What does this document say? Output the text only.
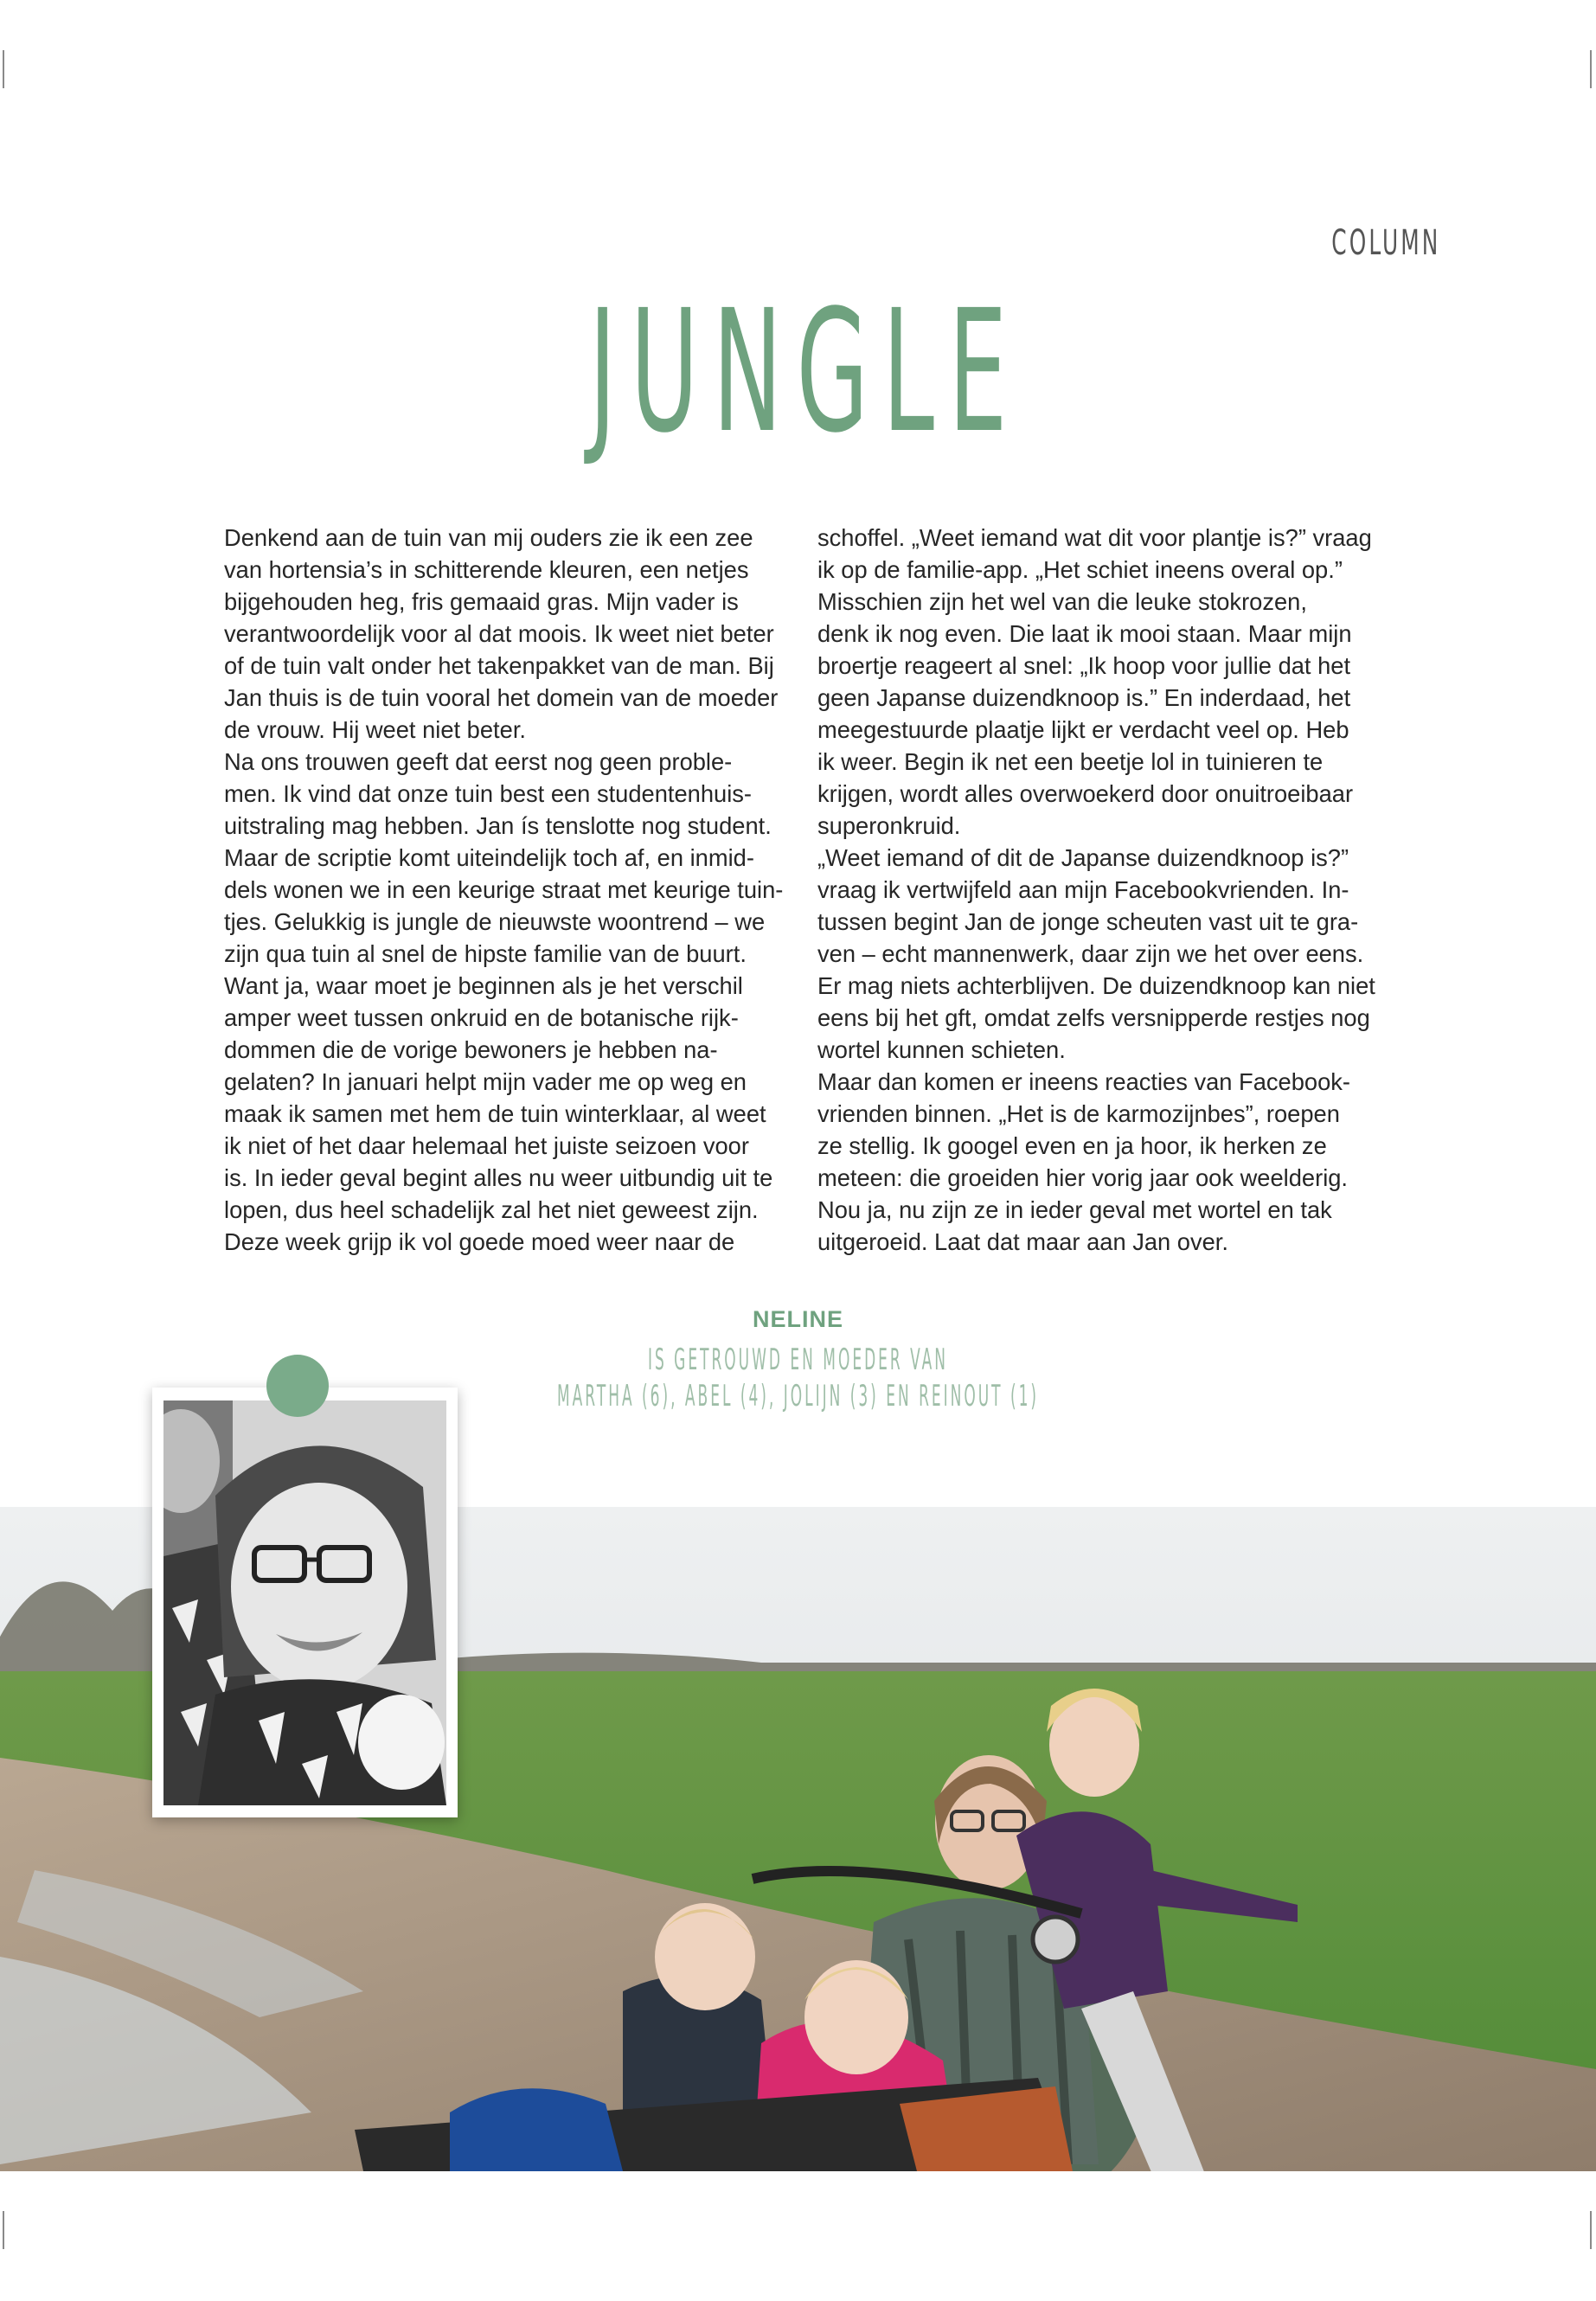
COLUMN
JUNGLE
Denkend aan de tuin van mij ouders zie ik een zee
van hortensia’s in schitterende kleuren, een netjes
bijgehouden heg, fris gemaaid gras. Mijn vader is
verantwoordelijk voor al dat moois. Ik weet niet beter
of de tuin valt onder het takenpakket van de man. Bij
Jan thuis is de tuin vooral het domein van de moeder
de vrouw. Hij weet niet beter.
Na ons trouwen geeft dat eerst nog geen proble-
men. Ik vind dat onze tuin best een studentenhuis-
uitstraling mag hebben. Jan ís tenslotte nog student.
Maar de scriptie komt uiteindelijk toch af, en inmid-
dels wonen we in een keurige straat met keurige tuin-
tjes. Gelukkig is jungle de nieuwste woontrend – we
zijn qua tuin al snel de hipste familie van de buurt.
Want ja, waar moet je beginnen als je het verschil
amper weet tussen onkruid en de botanische rijk-
dommen die de vorige bewoners je hebben na-
gelaten? In januari helpt mijn vader me op weg en
maak ik samen met hem de tuin winterklaar, al weet
ik niet of het daar helemaal het juiste seizoen voor
is. In ieder geval begint alles nu weer uitbundig uit te
lopen, dus heel schadelijk zal het niet geweest zijn.
Deze week grijp ik vol goede moed weer naar de
schoffel. „Weet iemand wat dit voor plantje is?” vraag
ik op de familie-app. „Het schiet ineens overal op.”
Misschien zijn het wel van die leuke stokrozen,
denk ik nog even. Die laat ik mooi staan. Maar mijn
broertje reageert al snel: „Ik hoop voor jullie dat het
geen Japanse duizendknoop is.” En inderdaad, het
meegestuurde plaatje lijkt er verdacht veel op. Heb
ik weer. Begin ik net een beetje lol in tuinieren te
krijgen, wordt alles overwoekerd door onuitroeibaar
superonkruid.
„Weet iemand of dit de Japanse duizendknoop is?”
vraag ik vertwijfeld aan mijn Facebookvrienden. In-
tussen begint Jan de jonge scheuten vast uit te gra-
ven – echt mannenwerk, daar zijn we het over eens.
Er mag niets achterblijven. De duizendknoop kan niet
eens bij het gft, omdat zelfs versnipperde restjes nog
wortel kunnen schieten.
Maar dan komen er ineens reacties van Facebook-
vrienden binnen. „Het is de karmozijnbes”, roepen
ze stellig. Ik googel even en ja hoor, ik herken ze
meteen: die groeiden hier vorig jaar ook weelderig.
Nou ja, nu zijn ze in ieder geval met wortel en tak
uitgeroeid. Laat dat maar aan Jan over.
NELINE
IS GETROUWD EN MOEDER VAN
MARTHA (6), ABEL (4), JOLIJN (3) EN REINOUT (1)
